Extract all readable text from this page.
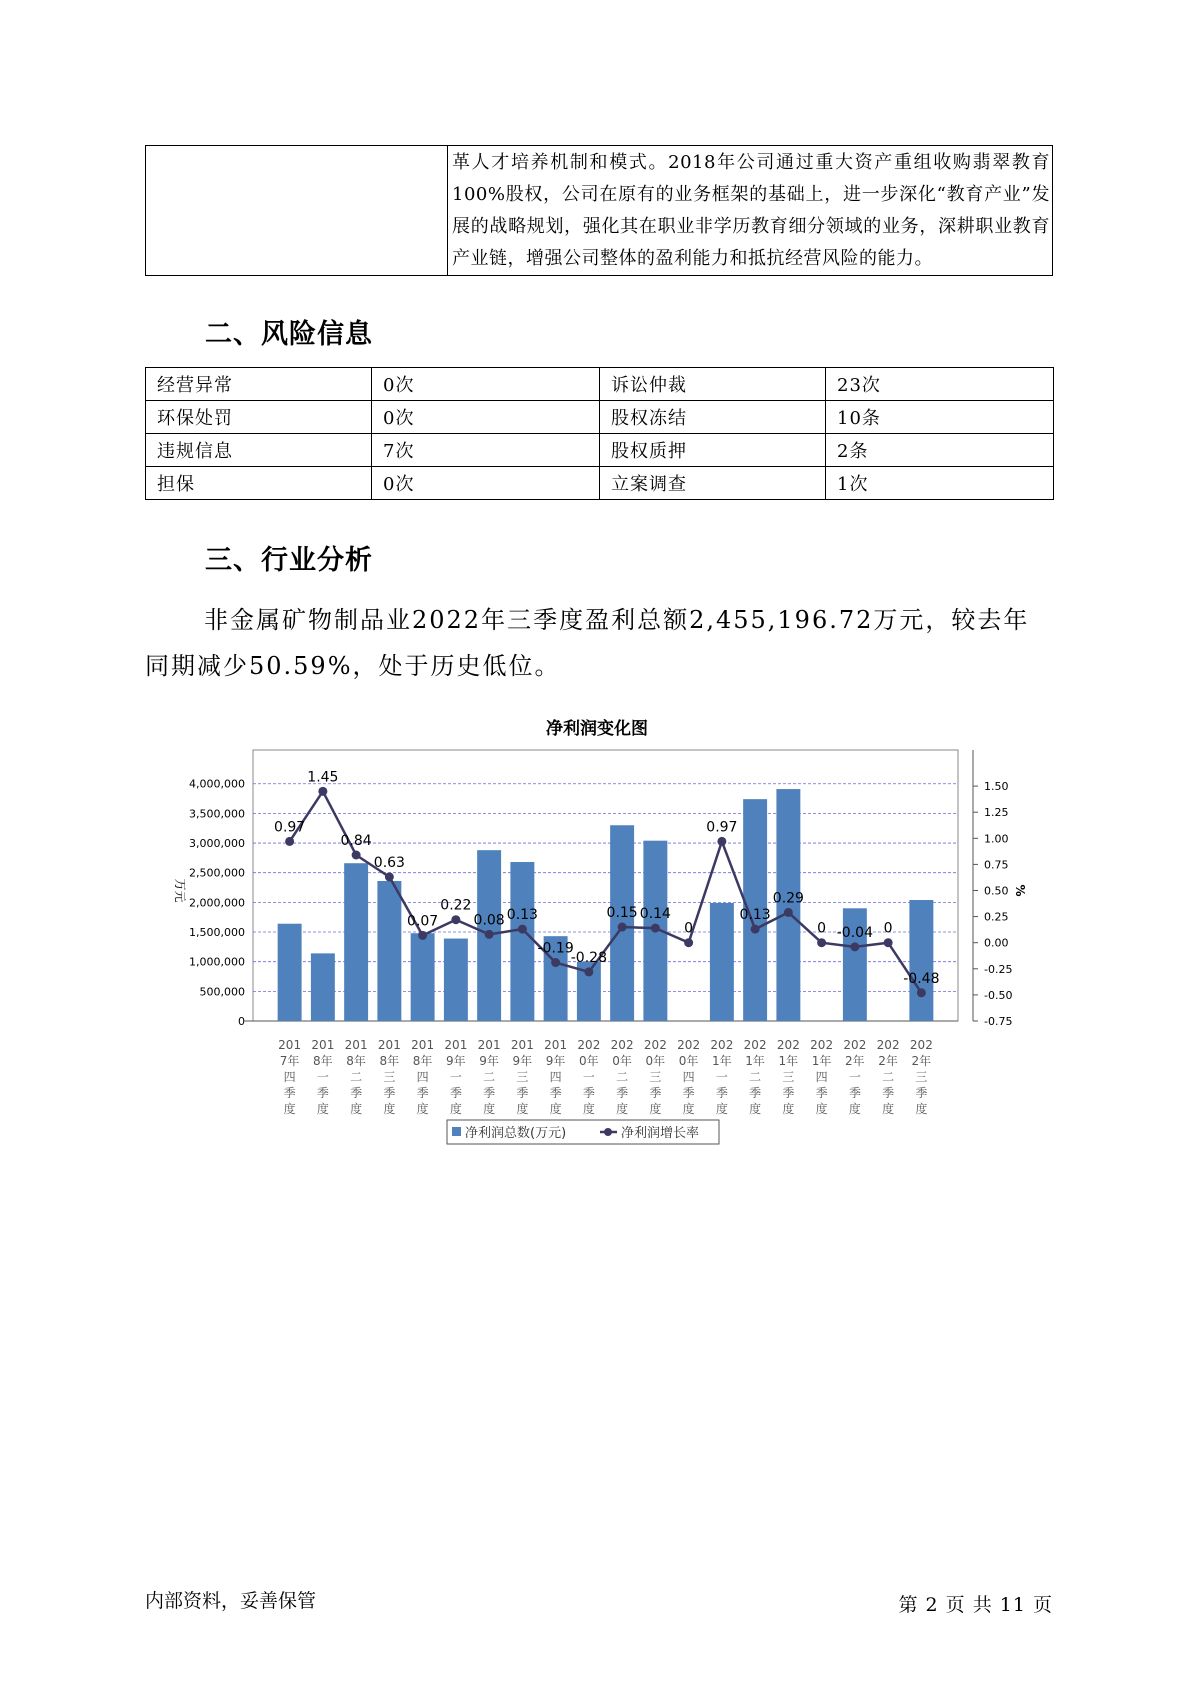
	革人才培养机制和模式。2018年公司通过重大资产重组收购翡翠教育100%股权，公司在原有的业务框架的基础上，进一步深化“教育产业”发展的战略规划，强化其在职业非学历教育细分领域的业务，深耕职业教育产业链，增强公司整体的盈利能力和抵抗经营风险的能力。
二、风险信息
经营异常	0次	诉讼仲裁	23次
环保处罚	0次	股权冻结	10条
违规信息	7次	股权质押	2条
担保	0次	立案调查	1次
三、行业分析

非金属矿物制品业2022年三季度盈利总额2,455,196.72万元，较去年同期减少50.59%，处于历史低位。

净利润变化图
0
500,000
1,000,000
1,500,000
2,000,000
2,500,000
3,000,000
3,500,000
4,000,000
-0.75
-0.50
-0.25
0.00
0.25
0.50
0.75
1.00
1.25
1.50
万元	%
0.97
1.45
0.84
0.63
0.07
0.22
0.08 0.13
-0.19
-0.28
0.15 0.14
0
0.97
0.13
0.29
0 -0.04 0
-0.48
201 7年四季度
201 8年一季度
201 8年二季度
201 8年三季度
201 8年四季度
201 9年一季度
201 9年二季度
201 9年三季度
201 9年四季度
202 0年一季度
202 0年二季度
202 0年三季度
202 0年四季度
202 1年一季度
202 1年二季度
202 1年三季度
202 1年四季度
202 2年一季度
202 2年二季度
202 2年三季度
净利润总数(万元)	净利润增长率
内部资料，妥善保管	第 2 页 共 11 页
